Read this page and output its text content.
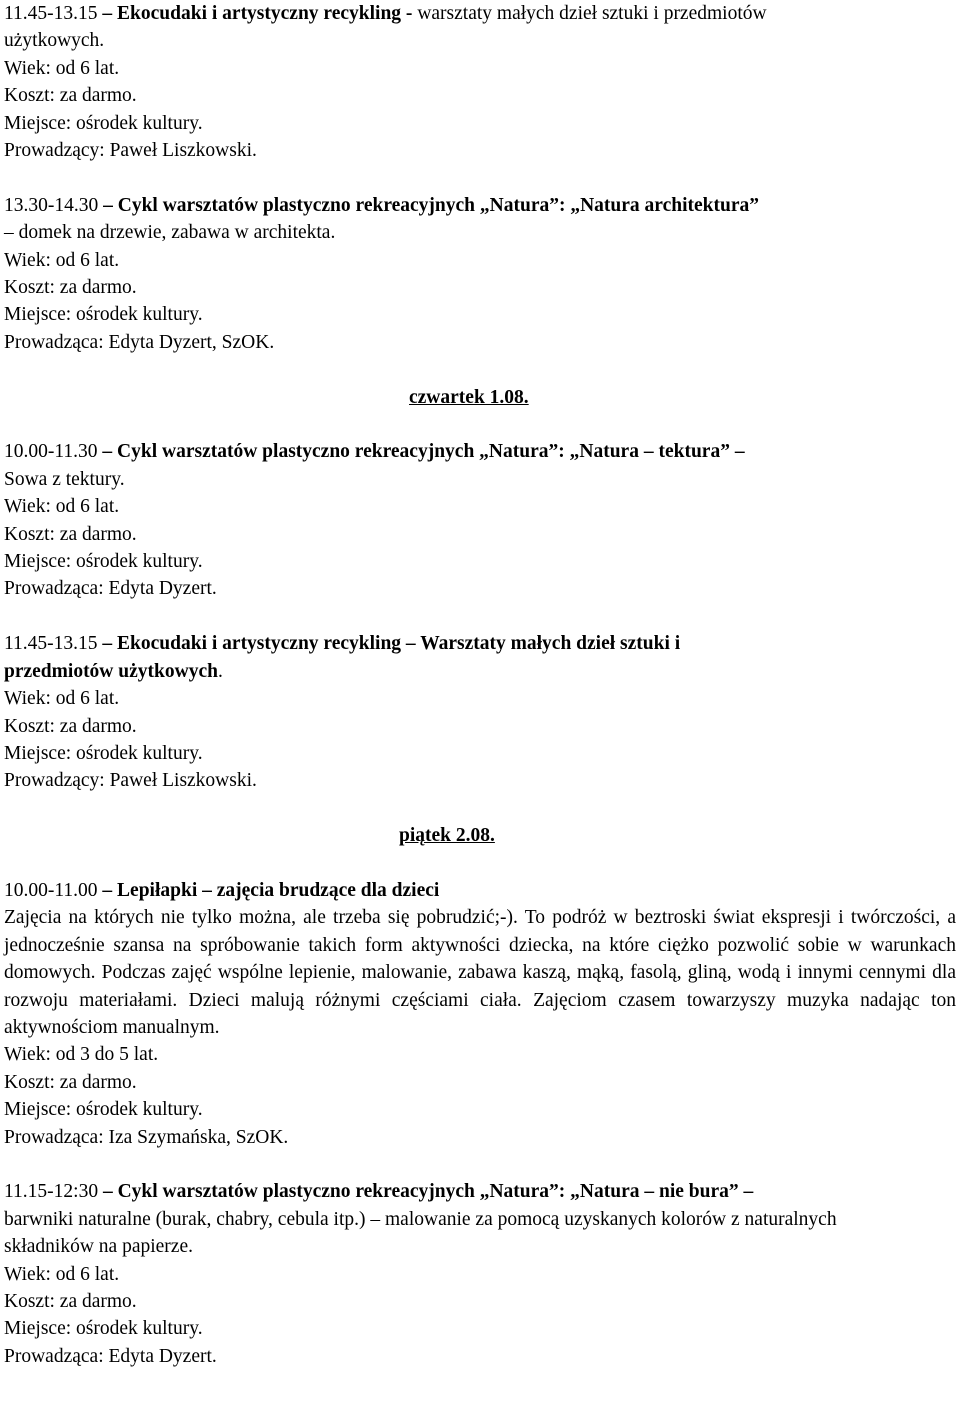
11.45-13.15 – Ekocudaki i artystyczny recykling - warsztaty małych dzieł sztuki i przedmiotów
użytkowych.
Wiek: od 6 lat.
Koszt: za darmo.
Miejsce: ośrodek kultury.
Prowadzący: Paweł Liszkowski.
13.30-14.30 – Cykl warsztatów plastyczno rekreacyjnych „Natura”: „Natura architektura”
– domek na drzewie, zabawa w architekta.
Wiek: od 6 lat.
Koszt: za darmo.
Miejsce: ośrodek kultury.
Prowadząca: Edyta Dyzert, SzOK.
czwartek 1.08.
10.00-11.30 – Cykl warsztatów plastyczno rekreacyjnych „Natura”: „Natura – tektura” –
Sowa z tektury.
Wiek: od 6 lat.
Koszt: za darmo.
Miejsce: ośrodek kultury.
Prowadząca: Edyta Dyzert.
11.45-13.15 – Ekocudaki i artystyczny recykling – Warsztaty małych dzieł sztuki i
przedmiotów użytkowych.
Wiek: od 6 lat.
Koszt: za darmo.
Miejsce: ośrodek kultury.
Prowadzący: Paweł Liszkowski.
piątek 2.08.
10.00-11.00 – Lepiłapki – zajęcia brudzące dla dzieci
Zajęcia na których nie tylko można, ale trzeba się pobrudzić;-). To podróż w beztroski świat ekspresji i twórczości, a jednocześnie szansa na spróbowanie takich form aktywności dziecka, na które ciężko pozwolić sobie w warunkach domowych. Podczas zajęć wspólne lepienie, malowanie, zabawa kaszą, mąką, fasolą, gliną, wodą i innymi cennymi dla rozwoju materiałami. Dzieci malują różnymi częściami ciała. Zajęciom czasem towarzyszy muzyka nadając ton aktywnościom manualnym.
Wiek: od 3 do 5 lat.
Koszt: za darmo.
Miejsce: ośrodek kultury.
Prowadząca: Iza Szymańska, SzOK.
11.15-12:30 – Cykl warsztatów plastyczno rekreacyjnych „Natura”: „Natura – nie bura” –
barwniki naturalne (burak, chabry, cebula itp.) – malowanie za pomocą uzyskanych kolorów z naturalnych składników na papierze.
Wiek: od 6 lat.
Koszt: za darmo.
Miejsce: ośrodek kultury.
Prowadząca: Edyta Dyzert.
